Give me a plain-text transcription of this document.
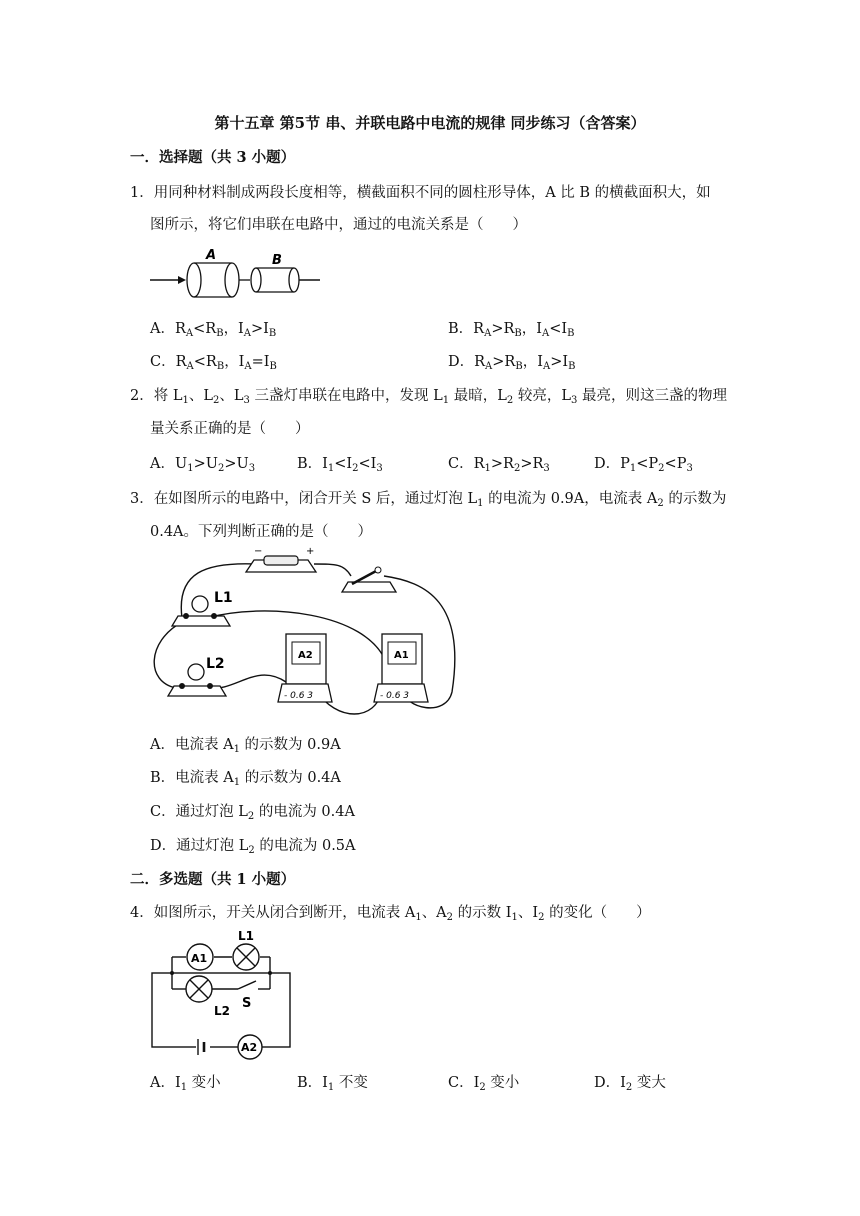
第十五章 第5节 串、并联电路中电流的规律 同步练习（含答案）
一．选择题（共 3 小题）
1．用同种材料制成两段长度相等，横截面积不同的圆柱形导体，A 比 B 的横截面积大，如
图所示，将它们串联在电路中，通过的电流关系是（　　）
A	B
A．$R_A<R_B$，$I_A>I_B$	B．$R_A>R_B$，$I_A<I_B$
C．$R_A<R_B$，$I_A=I_B$	D．$R_A>R_B$，$I_A>I_B$
2．将 $L_1$、$L_2$、$L_3$ 三盏灯串联在电路中，发现 $L_1$ 最暗，$L_2$ 较亮，$L_3$ 最亮，则这三盏的物理
量关系正确的是（　　）
A．$U_1>U_2>U_3$	B．$I_1<I_2<I_3$	C．$R_1>R_2>R_3$	D．$P_1<P_2<P_3$
3．在如图所示的电路中，闭合开关 S 后，通过灯泡 $L_1$ 的电流为 0.9A，电流表 $A_2$ 的示数为
0.4A。下列判断正确的是（　　）
−	+
L1
L2
A2
- 0.6 3
A1
- 0.6 3
A．电流表 $A_1$ 的示数为 0.9A
B．电流表 $A_1$ 的示数为 0.4A
C．通过灯泡 $L_2$ 的电流为 0.4A
D．通过灯泡 $L_2$ 的电流为 0.5A
二．多选题（共 1 小题）
4．如图所示，开关从闭合到断开，电流表 $A_1$、$A_2$ 的示数 $I_1$、$I_2$ 的变化（　　）
A1
L1
L2 S
A2
A．$I_1$ 变小	B．$I_1$ 不变	C．$I_2$ 变小	D．$I_2$ 变大
